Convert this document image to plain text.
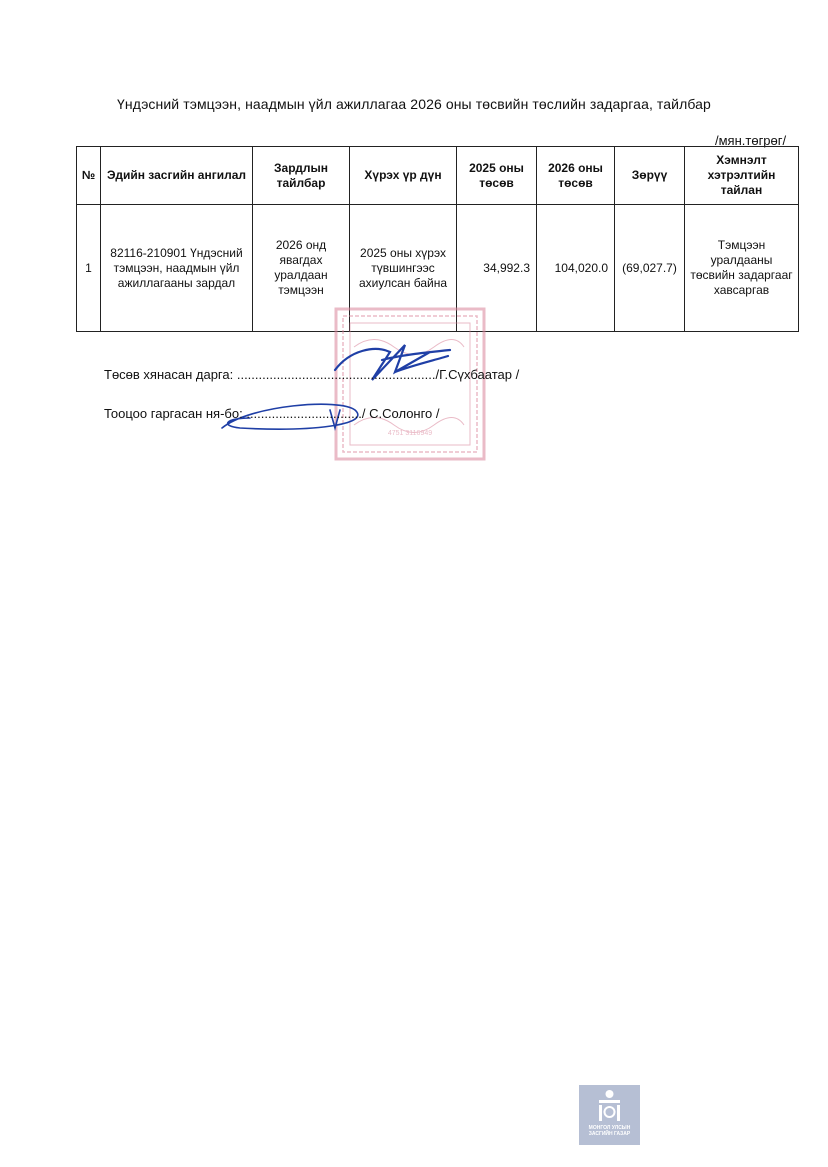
Үндэсний тэмцээн, наадмын үйл ажиллагаа 2026 оны төсвийн төслийн задаргаа, тайлбар
/мян.төгрөг/
№	Эдийн засгийн ангилал	Зардлын тайлбар	Хүрэх үр дүн	2025 оны төсөв	2026 оны төсөв	Зөрүү	Хэмнэлт хэтрэлтийн тайлан
1	82116-210901 Үндэсний тэмцээн, наадмын үйл ажиллагааны зардал	2026 онд явагдах уралдаан тэмцээн	2025 оны хүрэх түвшингээс ахиулсан байна	34,992.3	104,020.0	(69,027.7)	Тэмцээн уралдааны төсвийн задаргааг хавсаргав
4751 3116949
Төсөв хянасан дарга: ......................................................./Г.Сүхбаатар /
Тооцоо гаргасан ня-бо: ................................/ С.Солонго /
МОНГОЛ УЛСЫН
ЗАСГИЙН ГАЗАР
